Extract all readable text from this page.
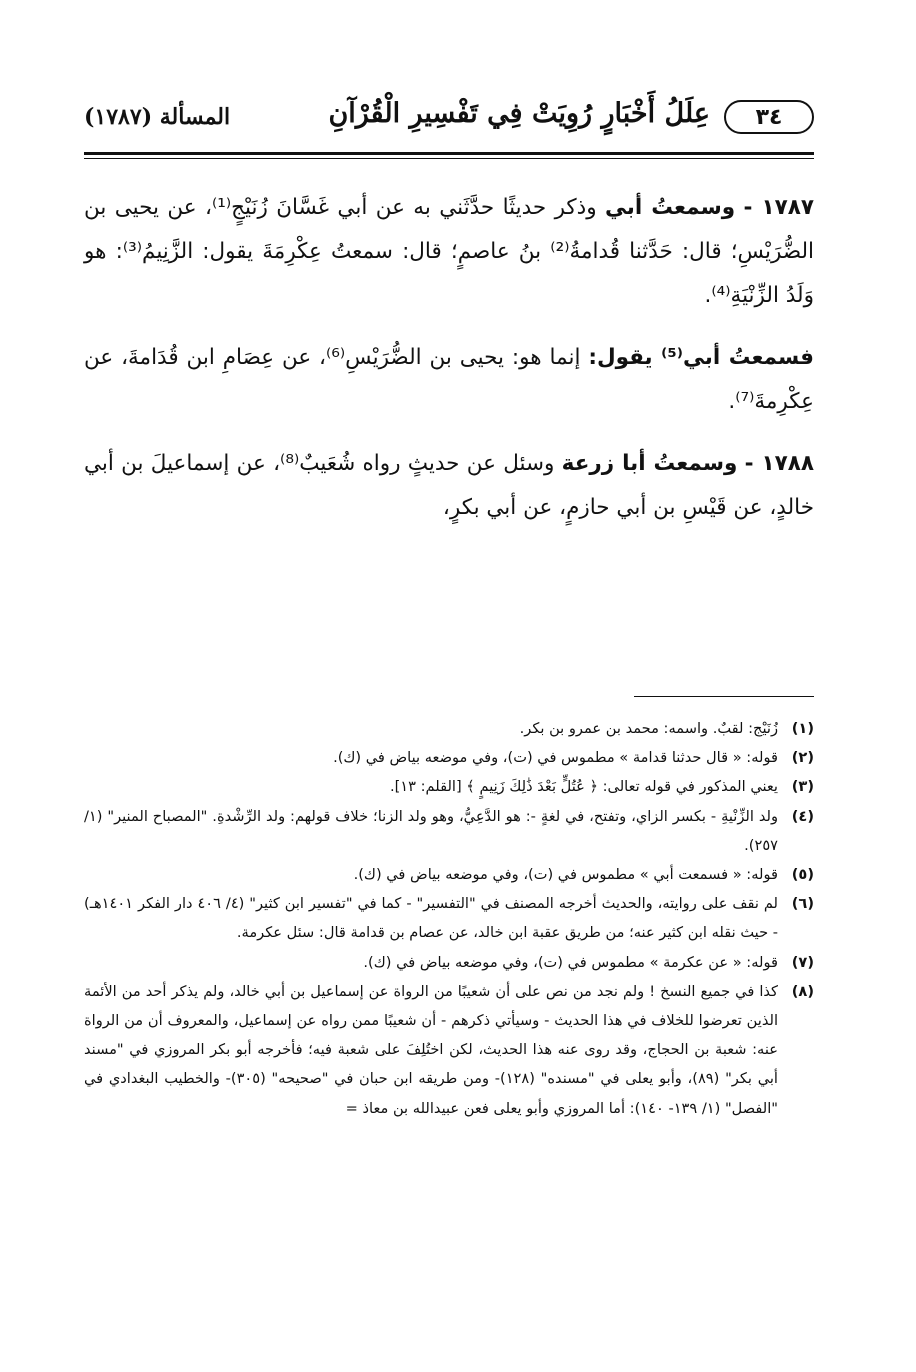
٣٤
عِلَلُ أَخْبَارٍ رُوِيَتْ فِي تَفْسِيرِ الْقُرْآنِ
المسألة (١٧٨٧)

١٧٨٧ - وسمعتُ أبي وذكر حديثًا حدَّثَني به عن أبي غَسَّانَ زُنَيْجٍ⁽¹⁾، عن يحيى بن الضُّرَيْسِ؛ قال: حَدَّثنا قُدامةُ⁽²⁾ بنُ عاصمٍ؛ قال: سمعتُ عِكْرِمَةَ يقول: الزَّنِيمُ⁽³⁾: هو وَلَدُ الزِّنْيَةِ⁽⁴⁾.

فسمعتُ أبي⁽⁵⁾ يقول: إنما هو: يحيى بن الضُّرَيْسِ⁽⁶⁾، عن عِصَامِ ابن قُدَامةَ، عن عِكْرِمةَ⁽⁷⁾.

١٧٨٨ - وسمعتُ أبا زرعة وسئل عن حديثٍ رواه شُعَيبٌ⁽⁸⁾، عن إسماعيلَ بن أبي خالدٍ، عن قَيْسِ بن أبي حازمٍ، عن أبي بكرٍ،

(١)
زُنَيْج: لقبٌ. واسمه: محمد بن عمرو بن بكر.
(٢)
قوله: « قال حدثنا قدامة » مطموس في (ت)، وفي موضعه بياض في (ك).
(٣)
يعني المذكور في قوله تعالى: ﴿ عُتُلٍّ بَعْدَ ذَٰلِكَ زَنِيمٍ ﴾ [القلم: ١٣].
(٤)
ولد الزِّنْيةِ - بكسر الزاي، وتفتح، في لغةٍ -: هو الدَّعِيُّ، وهو ولد الزنا؛ خلاف قولهم: ولد الرِّشْدةِ. "المصباح المنير" (١/ ٢٥٧).
(٥)
قوله: « فسمعت أبي » مطموس في (ت)، وفي موضعه بياض في (ك).
(٦)
لم نقف على روايته، والحديث أخرجه المصنف في "التفسير" - كما في "تفسير ابن كثير" (٤/ ٤٠٦ دار الفكر ١٤٠١هـ) - حيث نقله ابن كثير عنه؛ من طريق عقبة ابن خالد، عن عصام بن قدامة قال: سئل عكرمة.
(٧)
قوله: « عن عكرمة » مطموس في (ت)، وفي موضعه بياض في (ك).
(٨)
كذا في جميع النسخ ! ولم نجد من نص على أن شعيبًا من الرواة عن إسماعيل بن أبي خالد، ولم يذكر أحد من الأئمة الذين تعرضوا للخلاف في هذا الحديث - وسيأتي ذكرهم - أن شعيبًا ممن رواه عن إسماعيل، والمعروف أن من الرواة عنه: شعبة بن الحجاج، وقد روى عنه هذا الحديث، لكن اختُلِفَ على شعبة فيه؛ فأخرجه أبو بكر المروزي في "مسند أبي بكر" (٨٩)، وأبو يعلى في "مسنده" (١٢٨)- ومن طريقه ابن حبان في "صحيحه" (٣٠٥)- والخطيب البغدادي في "الفصل" (١/ ١٣٩- ١٤٠): أما المروزي وأبو يعلى فعن عبيدالله بن معاذ =
